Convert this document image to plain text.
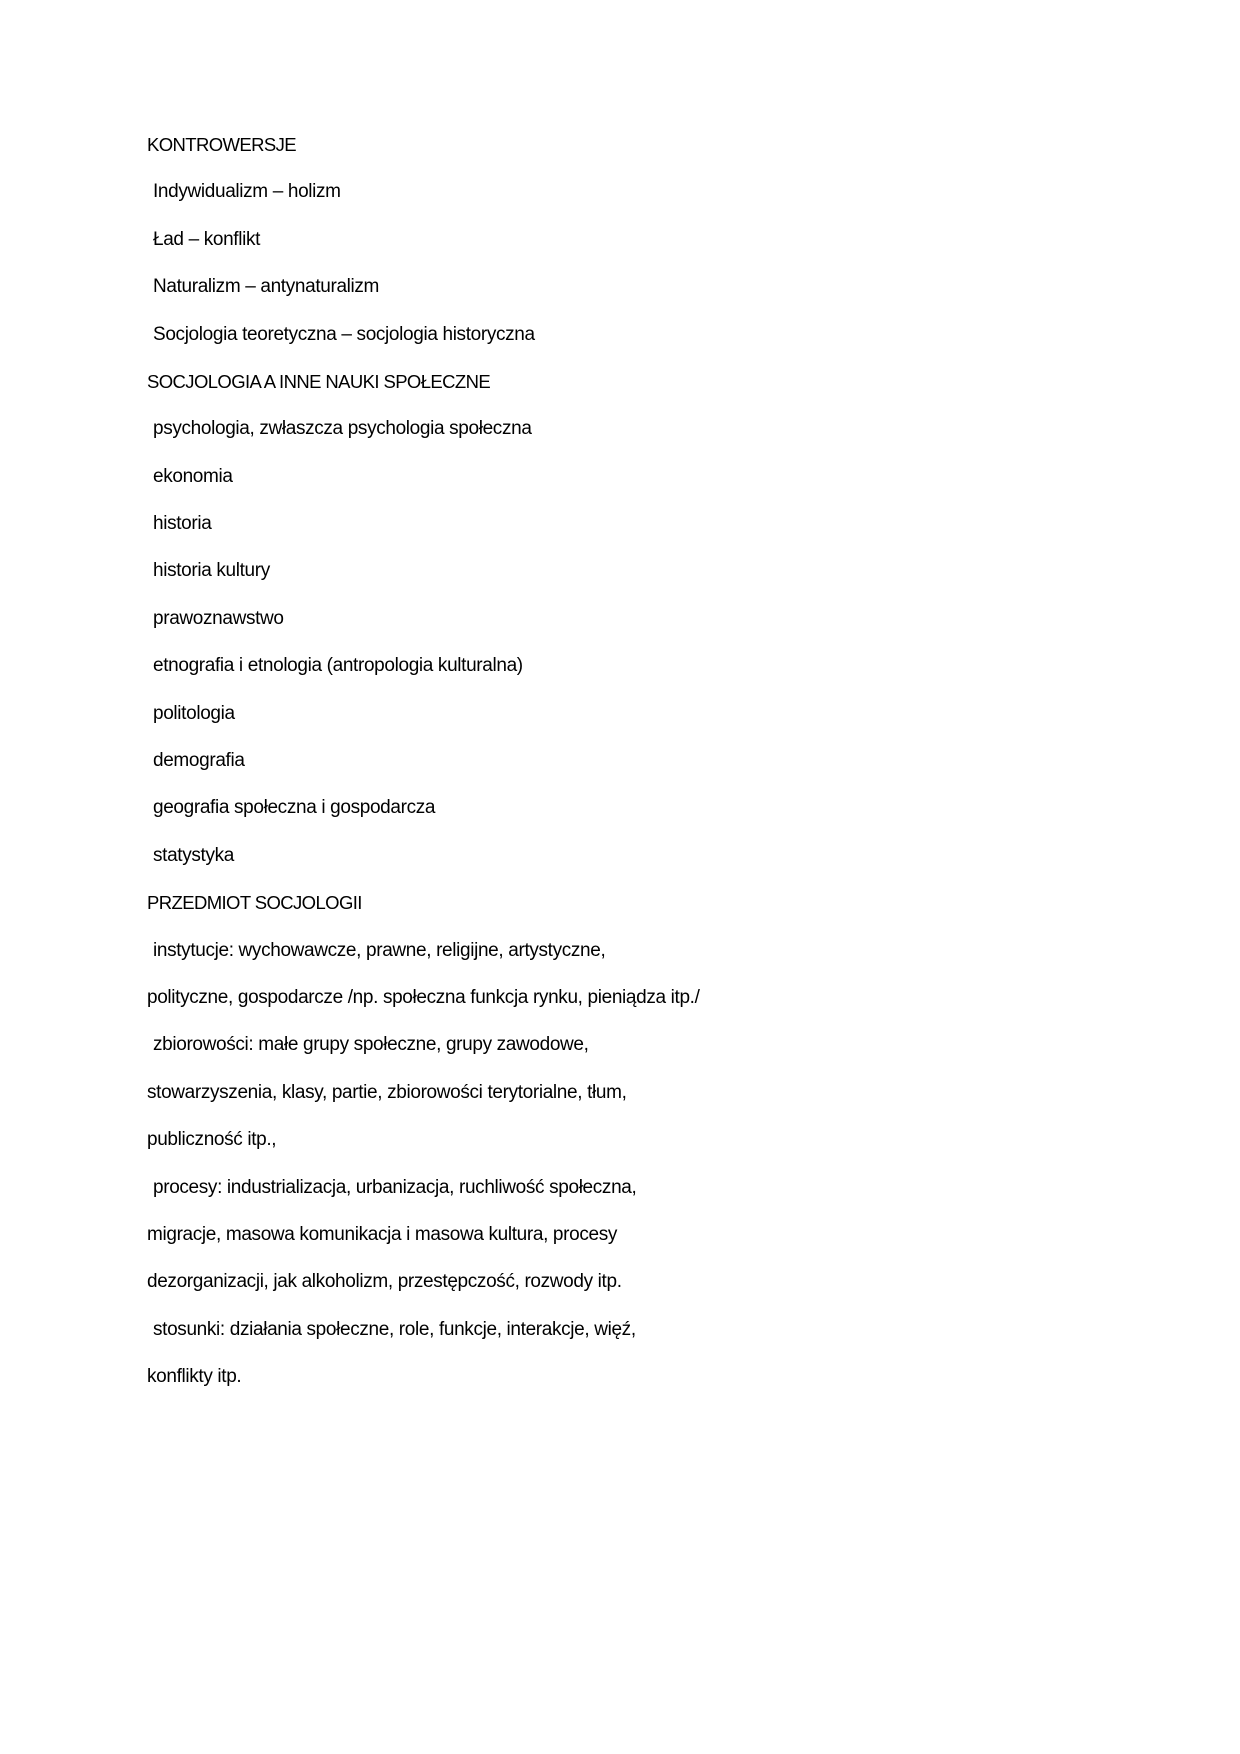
KONTROWERSJE
Indywidualizm – holizm
Ład – konflikt
Naturalizm – antynaturalizm
Socjologia teoretyczna – socjologia historyczna
SOCJOLOGIA A INNE NAUKI SPOŁECZNE
psychologia, zwłaszcza psychologia społeczna
ekonomia
historia
historia kultury
prawoznawstwo
etnografia i etnologia (antropologia kulturalna)
politologia
demografia
geografia społeczna i gospodarcza
statystyka
PRZEDMIOT SOCJOLOGII
instytucje: wychowawcze, prawne, religijne, artystyczne,
polityczne, gospodarcze /np. społeczna funkcja rynku, pieniądza itp./
zbiorowości: małe grupy społeczne, grupy zawodowe,
stowarzyszenia, klasy, partie, zbiorowości terytorialne, tłum,
publiczność itp.,
procesy: industrializacja, urbanizacja, ruchliwość społeczna,
migracje, masowa komunikacja i masowa kultura, procesy
dezorganizacji, jak alkoholizm, przestępczość, rozwody itp.
stosunki: działania społeczne, role, funkcje, interakcje, więź,
konflikty itp.
